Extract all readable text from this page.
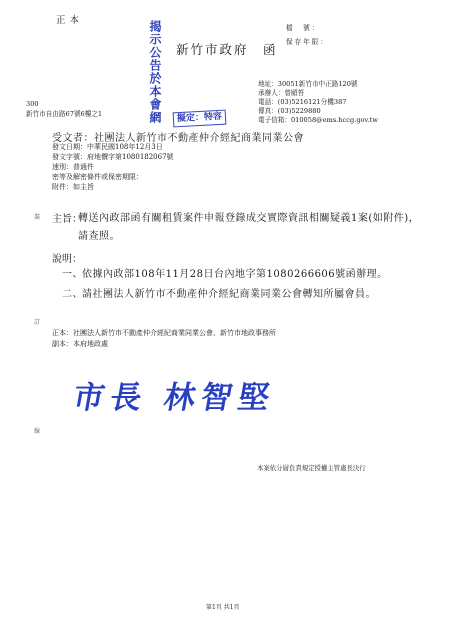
正本
檔　號：
保存年限：
揭示公告於本會網 新竹市政府　函
地址：30051新竹市中正路120號
承辦人：曾頤苔
電話：(03)5216121分機387
傳真：(03)5229880
電子信箱：010058@ems.hccg.gov.tw
300
新竹市自由路67號6樓之1	擬定：特容
受文者：社團法人新竹市不動產仲介經紀商業同業公會
發文日期：中華民國108年12月3日
發文字號：府地價字第1080182067號
速別：普通件
密等及解密條件或保密期限：
附件：如主旨
裝
訂
線
主旨：
轉送內政部函有關租賃案件申報登錄成交實際資訊相關疑義1案(如附件)，請查照。
說明：
一、 依據內政部108年11月28日台內地字第1080266606號函辦理。
二、 請社團法人新竹市不動產仲介經紀商業同業公會轉知所屬會員。
正本：社團法人新竹市不動產仲介經紀商業同業公會、新竹市地政事務所
副本：本府地政處
市長 林智堅
本案依分層負責規定授權主管處長決行
第1頁 共1頁
